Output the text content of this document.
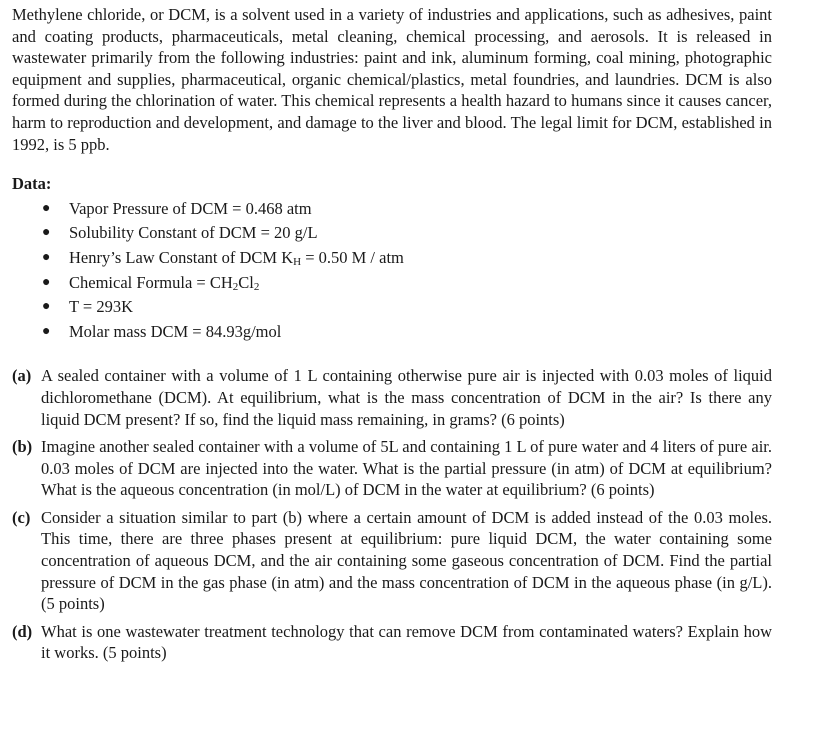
Methylene chloride, or DCM, is a solvent used in a variety of industries and applications, such as adhesives, paint and coating products, pharmaceuticals, metal cleaning, chemical processing, and aerosols. It is released in wastewater primarily from the following industries: paint and ink, aluminum forming, coal mining, photographic equipment and supplies, pharmaceutical, organic chemical/plastics, metal foundries, and laundries. DCM is also formed during the chlorination of water. This chemical represents a health hazard to humans since it causes cancer, harm to reproduction and development, and damage to the liver and blood. The legal limit for DCM, established in 1992, is 5 ppb.

Data:
● Vapor Pressure of DCM = 0.468 atm
● Solubility Constant of DCM = 20 g/L
● Henry’s Law Constant of DCM KH = 0.50 M / atm
● Chemical Formula = CH2Cl2
● T = 293K
● Molar mass DCM = 84.93g/mol
(a) A sealed container with a volume of 1 L containing otherwise pure air is injected with 0.03 moles of liquid dichloromethane (DCM). At equilibrium, what is the mass concentration of DCM in the air? Is there any liquid DCM present? If so, find the liquid mass remaining, in grams? (6 points)
(b) Imagine another sealed container with a volume of 5L and containing 1 L of pure water and 4 liters of pure air. 0.03 moles of DCM are injected into the water. What is the partial pressure (in atm) of DCM at equilibrium? What is the aqueous concentration (in mol/L) of DCM in the water at equilibrium? (6 points)
(c) Consider a situation similar to part (b) where a certain amount of DCM is added instead of the 0.03 moles. This time, there are three phases present at equilibrium: pure liquid DCM, the water containing some concentration of aqueous DCM, and the air containing some gaseous concentration of DCM. Find the partial pressure of DCM in the gas phase (in atm) and the mass concentration of DCM in the aqueous phase (in g/L). (5 points)
(d) What is one wastewater treatment technology that can remove DCM from contaminated waters? Explain how it works. (5 points)
